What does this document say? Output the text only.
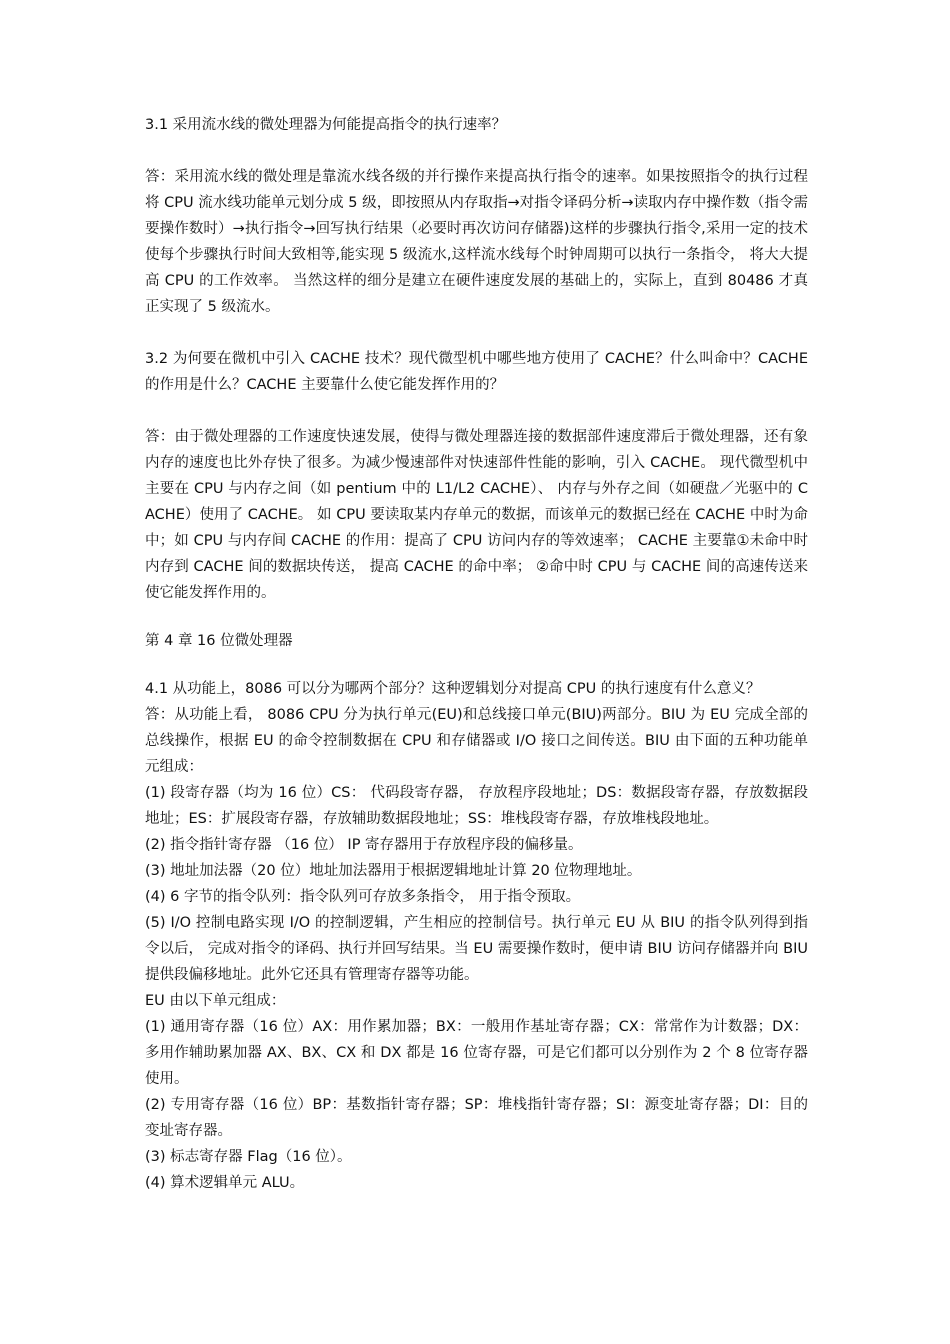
3.1 采用流水线的微处理器为何能提高指令的执行速率？

答：采用流水线的微处理是靠流水线各级的并行操作来提高执行指令的速率。如果按照指令的执行过程将 CPU 流水线功能单元划分成 5 级，即按照从内存取指→对指令译码分析→读取内存中操作数（指令需要操作数时）→执行指令→回写执行结果（必要时再次访问存储器)这样的步骤执行指令,采用一定的技术使每个步骤执行时间大致相等,能实现 5 级流水,这样流水线每个时钟周期可以执行一条指令， 将大大提高 CPU 的工作效率。 当然这样的细分是建立在硬件速度发展的基础上的，实际上，直到 80486 才真正实现了 5 级流水。

3.2 为何要在微机中引入 CACHE 技术？现代微型机中哪些地方使用了 CACHE？什么叫命中？CACHE 的作用是什么？CACHE 主要靠什么使它能发挥作用的？

答：由于微处理器的工作速度快速发展，使得与微处理器连接的数据部件速度滞后于微处理器，还有象内存的速度也比外存快了很多。为减少慢速部件对快速部件性能的影响，引入 CACHE。 现代微型机中主要在 CPU 与内存之间（如 pentium 中的 L1/L2 CACHE）、 内存与外存之间（如硬盘／光驱中的 CACHE）使用了 CACHE。 如 CPU 要读取某内存单元的数据，而该单元的数据已经在 CACHE 中时为命中；如 CPU 与内存间 CACHE 的作用：提高了 CPU 访问内存的等效速率； CACHE 主要靠①未命中时内存到 CACHE 间的数据块传送， 提高 CACHE 的命中率； ②命中时 CPU 与 CACHE 间的高速传送来使它能发挥作用的。

第 4 章 16 位微处理器

4.1 从功能上，8086 可以分为哪两个部分？这种逻辑划分对提高 CPU 的执行速度有什么意义？

答：从功能上看， 8086 CPU 分为执行单元(EU)和总线接口单元(BIU)两部分。BIU 为 EU 完成全部的总线操作，根据 EU 的命令控制数据在 CPU 和存储器或 I/O 接口之间传送。BIU 由下面的五种功能单元组成：

(1) 段寄存器（均为 16 位）CS： 代码段寄存器， 存放程序段地址；DS：数据段寄存器，存放数据段地址；ES：扩展段寄存器，存放辅助数据段地址；SS：堆栈段寄存器，存放堆栈段地址。

(2) 指令指针寄存器 （16 位） IP 寄存器用于存放程序段的偏移量。

(3) 地址加法器（20 位）地址加法器用于根据逻辑地址计算 20 位物理地址。

(4) 6 字节的指令队列：指令队列可存放多条指令， 用于指令预取。

(5) I/O 控制电路实现 I/O 的控制逻辑，产生相应的控制信号。执行单元 EU 从 BIU 的指令队列得到指令以后， 完成对指令的译码、执行并回写结果。当 EU 需要操作数时，便申请 BIU 访问存储器并向 BIU 提供段偏移地址。此外它还具有管理寄存器等功能。

EU 由以下单元组成：

(1) 通用寄存器（16 位）AX：用作累加器；BX：一般用作基址寄存器；CX：常常作为计数器；DX： 多用作辅助累加器 AX、BX、CX 和 DX 都是 16 位寄存器，可是它们都可以分别作为 2 个 8 位寄存器使用。

(2) 专用寄存器（16 位）BP：基数指针寄存器；SP：堆栈指针寄存器；SI：源变址寄存器；DI：目的变址寄存器。

(3) 标志寄存器 Flag（16 位）。

(4) 算术逻辑单元 ALU。
